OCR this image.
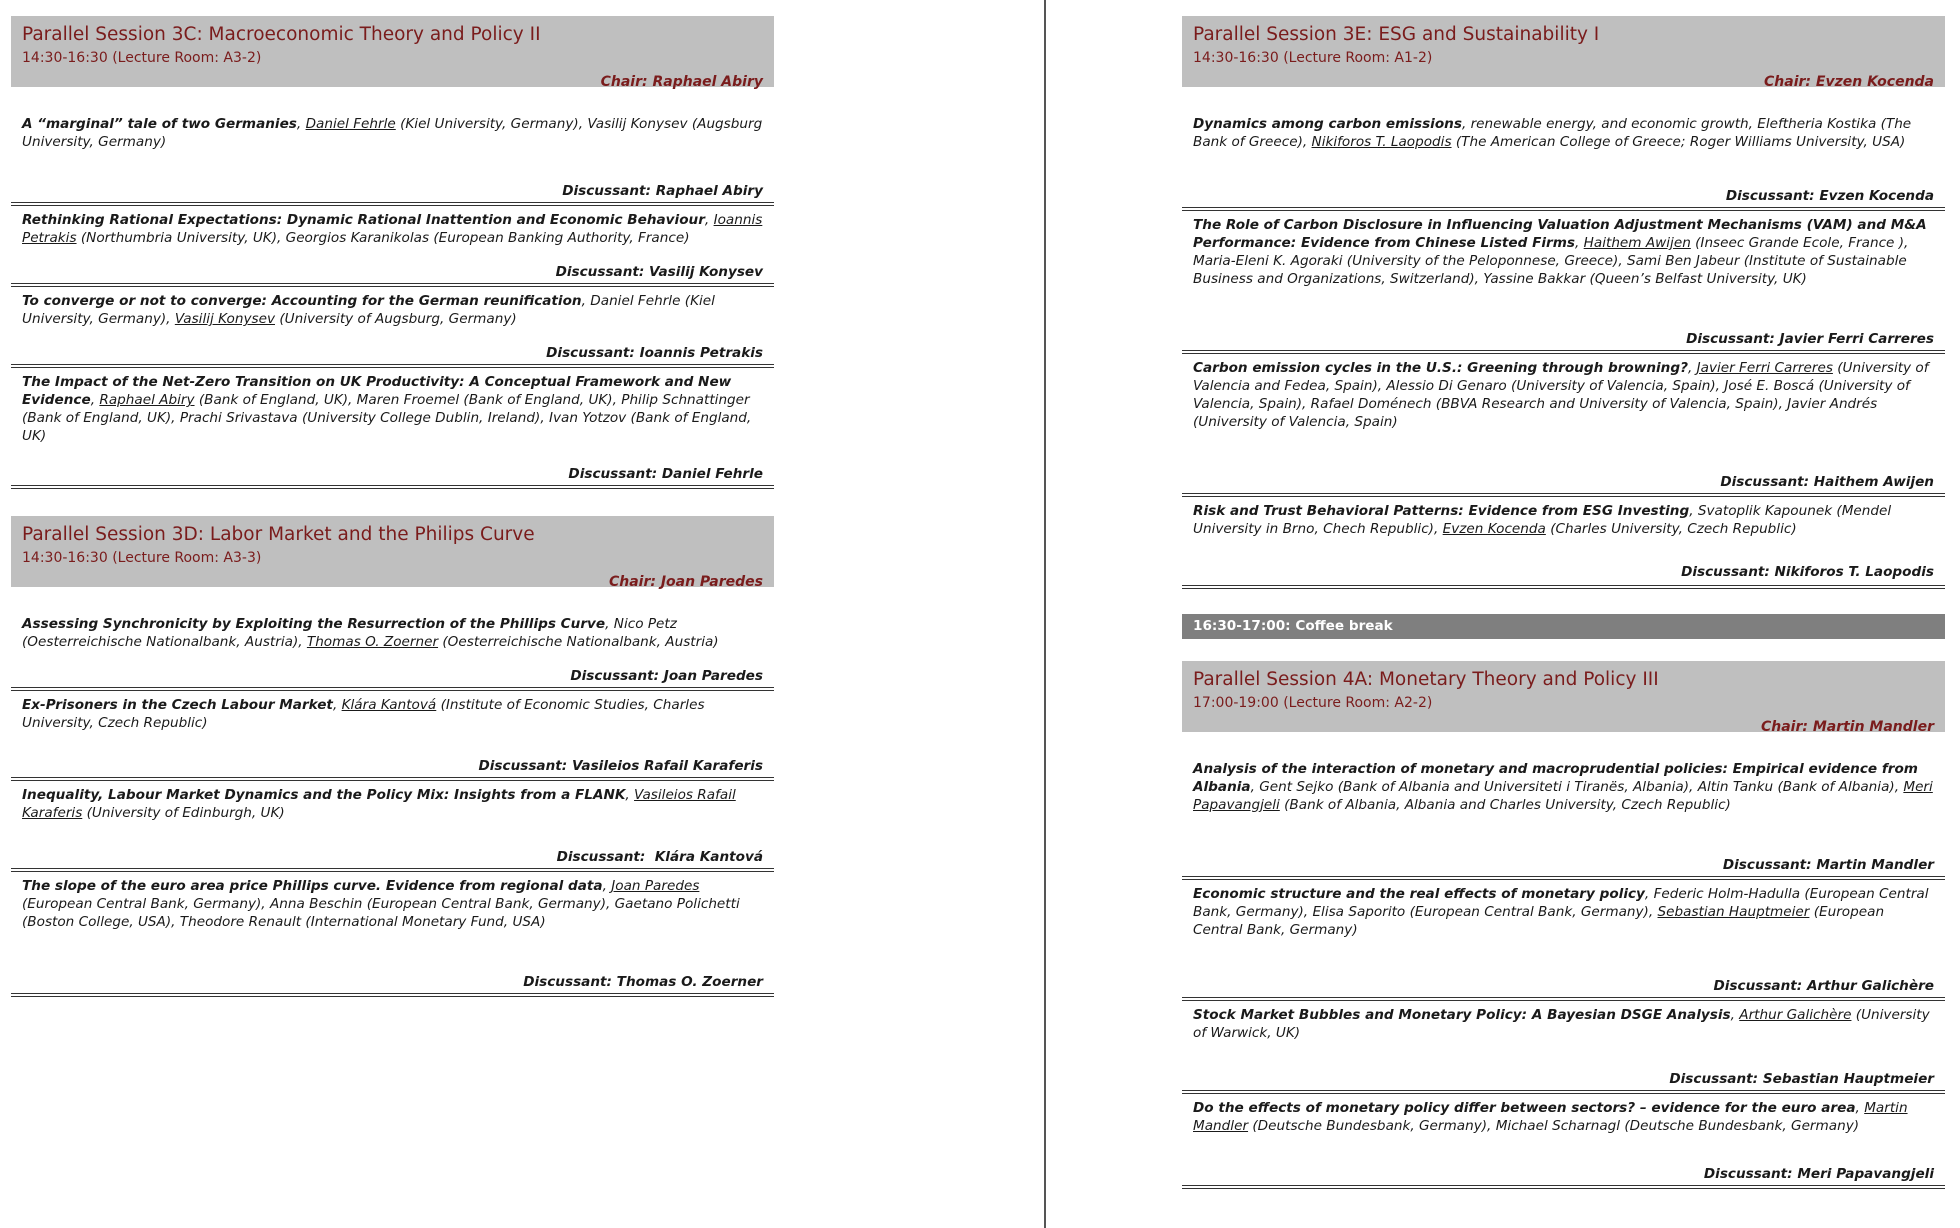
Parallel Session 3C: Macroeconomic Theory and Policy II
14:30-16:30 (Lecture Room: A3-2)
Chair: Raphael Abiry
A “marginal” tale of two Germanies, Daniel Fehrle (Kiel University, Germany), Vasilij Konysev (Augsburg University, Germany)
Discussant: Raphael Abiry
Rethinking Rational Expectations: Dynamic Rational Inattention and Economic Behaviour, Ioannis Petrakis (Northumbria University, UK), Georgios Karanikolas (European Banking Authority, France)
Discussant: Vasilij Konysev
To converge or not to converge: Accounting for the German reunification, Daniel Fehrle (Kiel University, Germany), Vasilij Konysev (University of Augsburg, Germany)
Discussant: Ioannis Petrakis
The Impact of the Net-Zero Transition on UK Productivity: A Conceptual Framework and New Evidence, Raphael Abiry (Bank of England, UK), Maren Froemel (Bank of England, UK), Philip Schnattinger (Bank of England, UK), Prachi Srivastava (University College Dublin, Ireland), Ivan Yotzov (Bank of England, UK)
Discussant: Daniel Fehrle
Parallel Session 3D: Labor Market and the Philips Curve
14:30-16:30 (Lecture Room: A3-3)
Chair: Joan Paredes
Assessing Synchronicity by Exploiting the Resurrection of the Phillips Curve, Nico Petz (Oesterreichische Nationalbank, Austria), Thomas O. Zoerner (Oesterreichische Nationalbank, Austria)
Discussant: Joan Paredes
Ex-Prisoners in the Czech Labour Market, Klára Kantová (Institute of Economic Studies, Charles University, Czech Republic)
Discussant: Vasileios Rafail Karaferis
Inequality, Labour Market Dynamics and the Policy Mix: Insights from a FLANK, Vasileios Rafail Karaferis (University of Edinburgh, UK)
Discussant:  Klára Kantová
The slope of the euro area price Phillips curve. Evidence from regional data, Joan Paredes (European Central Bank, Germany), Anna Beschin (European Central Bank, Germany), Gaetano Polichetti (Boston College, USA), Theodore Renault (International Monetary Fund, USA)
Discussant: Thomas O. Zoerner
Parallel Session 3E: ESG and Sustainability I
14:30-16:30 (Lecture Room: A1-2)
Chair: Evzen Kocenda
Dynamics among carbon emissions, renewable energy, and economic growth, Eleftheria Kostika (The Bank of Greece), Nikiforos T. Laopodis (The American College of Greece; Roger Williams University, USA)
Discussant: Evzen Kocenda
The Role of Carbon Disclosure in Influencing Valuation Adjustment Mechanisms (VAM) and M&A Performance: Evidence from Chinese Listed Firms, Haithem Awijen (Inseec Grande Ecole, France ), Maria-Eleni K. Agoraki (University of the Peloponnese, Greece), Sami Ben Jabeur (Institute of Sustainable Business and Organizations, Switzerland), Yassine Bakkar (Queen’s Belfast University, UK)
Discussant: Javier Ferri Carreres
Carbon emission cycles in the U.S.: Greening through browning?, Javier Ferri Carreres (University of Valencia and Fedea, Spain), Alessio Di Genaro (University of Valencia, Spain), José E. Boscá (University of Valencia, Spain), Rafael Doménech (BBVA Research and University of Valencia, Spain), Javier Andrés (University of Valencia, Spain)
Discussant: Haithem Awijen
Risk and Trust Behavioral Patterns: Evidence from ESG Investing, Svatoplik Kapounek (Mendel University in Brno, Chech Republic), Evzen Kocenda (Charles University, Czech Republic)
Discussant: Nikiforos T. Laopodis
16:30-17:00: Coffee break
Parallel Session 4A: Monetary Theory and Policy III
17:00-19:00 (Lecture Room: A2-2)
Chair: Martin Mandler
Analysis of the interaction of monetary and macroprudential policies: Empirical evidence from Albania, Gent Sejko (Bank of Albania and Universiteti i Tiranës, Albania), Altin Tanku (Bank of Albania), Meri Papavangjeli (Bank of Albania, Albania and Charles University, Czech Republic)
Discussant: Martin Mandler
Economic structure and the real effects of monetary policy, Federic Holm-Hadulla (European Central Bank, Germany), Elisa Saporito (European Central Bank, Germany), Sebastian Hauptmeier (European Central Bank, Germany)
Discussant: Arthur Galichère
Stock Market Bubbles and Monetary Policy: A Bayesian DSGE Analysis, Arthur Galichère (University of Warwick, UK)
Discussant: Sebastian Hauptmeier
Do the effects of monetary policy differ between sectors? – evidence for the euro area, Martin Mandler (Deutsche Bundesbank, Germany), Michael Scharnagl (Deutsche Bundesbank, Germany)
Discussant: Meri Papavangjeli
